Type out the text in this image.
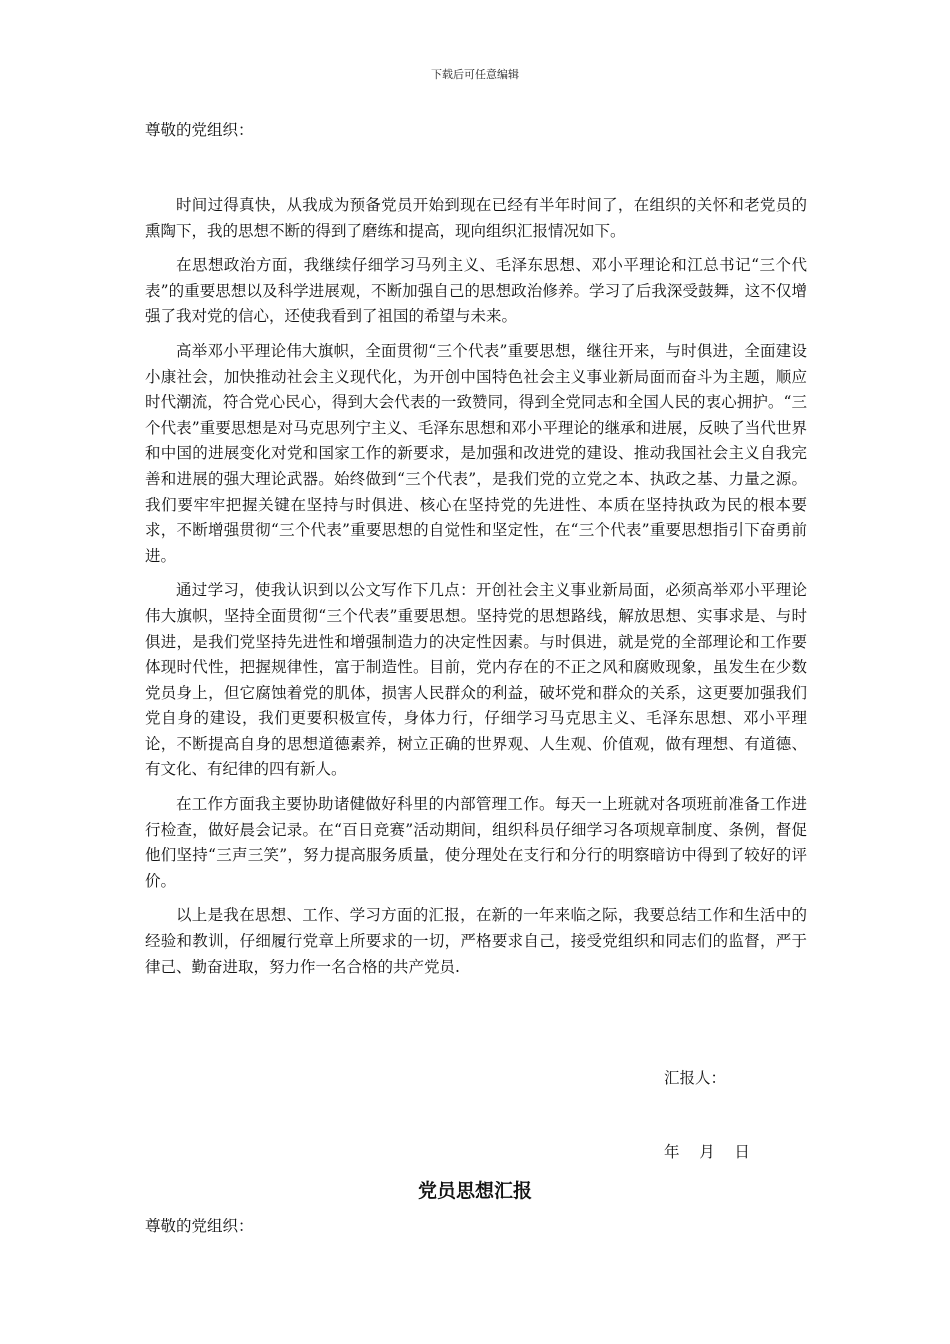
下载后可任意编辑
尊敬的党组织：

时间过得真快，从我成为预备党员开始到现在已经有半年时间了，在组织的关怀和老党员的熏陶下，我的思想不断的得到了磨练和提高，现向组织汇报情况如下。

在思想政治方面，我继续仔细学习马列主义、毛泽东思想、邓小平理论和江总书记“三个代表”的重要思想以及科学进展观，不断加强自己的思想政治修养。学习了后我深受鼓舞，这不仅增强了我对党的信心，还使我看到了祖国的希望与未来。

高举邓小平理论伟大旗帜，全面贯彻“三个代表”重要思想，继往开来，与时俱进，全面建设小康社会，加快推动社会主义现代化，为开创中国特色社会主义事业新局面而奋斗为主题，顺应时代潮流，符合党心民心，得到大会代表的一致赞同，得到全党同志和全国人民的衷心拥护。“三个代表”重要思想是对马克思列宁主义、毛泽东思想和邓小平理论的继承和进展，反映了当代世界和中国的进展变化对党和国家工作的新要求，是加强和改进党的建设、推动我国社会主义自我完善和进展的强大理论武器。始终做到“三个代表”，是我们党的立党之本、执政之基、力量之源。我们要牢牢把握关键在坚持与时俱进、核心在坚持党的先进性、本质在坚持执政为民的根本要求，不断增强贯彻“三个代表”重要思想的自觉性和坚定性，在“三个代表”重要思想指引下奋勇前进。

通过学习，使我认识到以公文写作下几点：开创社会主义事业新局面，必须高举邓小平理论伟大旗帜，坚持全面贯彻“三个代表”重要思想。坚持党的思想路线，解放思想、实事求是、与时俱进，是我们党坚持先进性和增强制造力的决定性因素。与时俱进，就是党的全部理论和工作要体现时代性，把握规律性，富于制造性。目前，党内存在的不正之风和腐败现象，虽发生在少数党员身上，但它腐蚀着党的肌体，损害人民群众的利益，破坏党和群众的关系，这更要加强我们党自身的建设，我们更要积极宣传，身体力行，仔细学习马克思主义、毛泽东思想、邓小平理论，不断提高自身的思想道德素养，树立正确的世界观、人生观、价值观，做有理想、有道德、有文化、有纪律的四有新人。

在工作方面我主要协助诸健做好科里的内部管理工作。每天一上班就对各项班前准备工作进行检查，做好晨会记录。在“百日竞赛”活动期间，组织科员仔细学习各项规章制度、条例，督促他们坚持“三声三笑”，努力提高服务质量，使分理处在支行和分行的明察暗访中得到了较好的评价。

以上是我在思想、工作、学习方面的汇报，在新的一年来临之际，我要总结工作和生活中的经验和教训，仔细履行党章上所要求的一切，严格要求自己，接受党组织和同志们的监督，严于律己、勤奋进取，努力作一名合格的共产党员.

汇报人：
年    月    日
党员思想汇报
尊敬的党组织：
